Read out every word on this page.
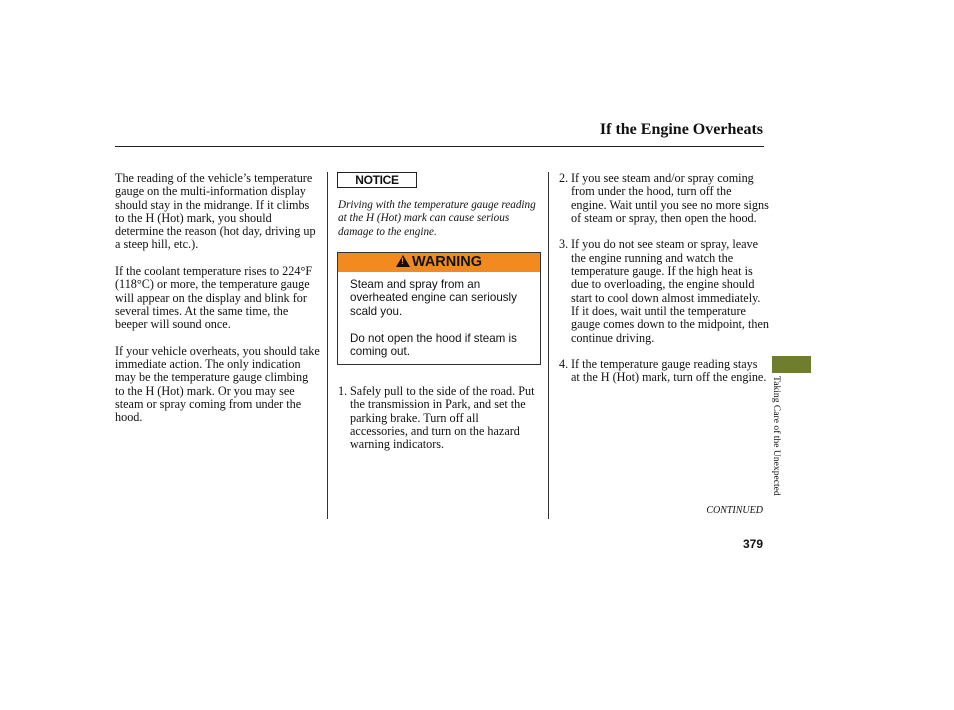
If the Engine Overheats

The reading of the vehicle’s temperature gauge on the multi-information display should stay in the midrange. If it climbs to the H (Hot) mark, you should determine the reason (hot day, driving up a steep hill, etc.).

If the coolant temperature rises to 224°F (118°C) or more, the temperature gauge will appear on the display and blink for several times. At the same time, the beeper will sound once.

If your vehicle overheats, you should take immediate action. The only indication may be the temperature gauge climbing to the H (Hot) mark. Or you may see steam or spray coming from under the hood.

NOTICE
Driving with the temperature gauge reading at the H (Hot) mark can cause serious damage to the engine.
!WARNING

Steam and spray from an overheated engine can seriously scald you.

Do not open the hood if steam is coming out.

1. Safely pull to the side of the road. Put the transmission in Park, and set the parking brake. Turn off all accessories, and turn on the hazard warning indicators.
2. If you see steam and/or spray coming from under the hood, turn off the engine. Wait until you see no more signs of steam or spray, then open the hood.
3. If you do not see steam or spray, leave the engine running and watch the temperature gauge. If the high heat is due to overloading, the engine should start to cool down almost immediately. If it does, wait until the temperature gauge comes down to the midpoint, then continue driving.
4. If the temperature gauge reading stays at the H (Hot) mark, turn off the engine. Taking Care of the Unexpected
CONTINUED
379
